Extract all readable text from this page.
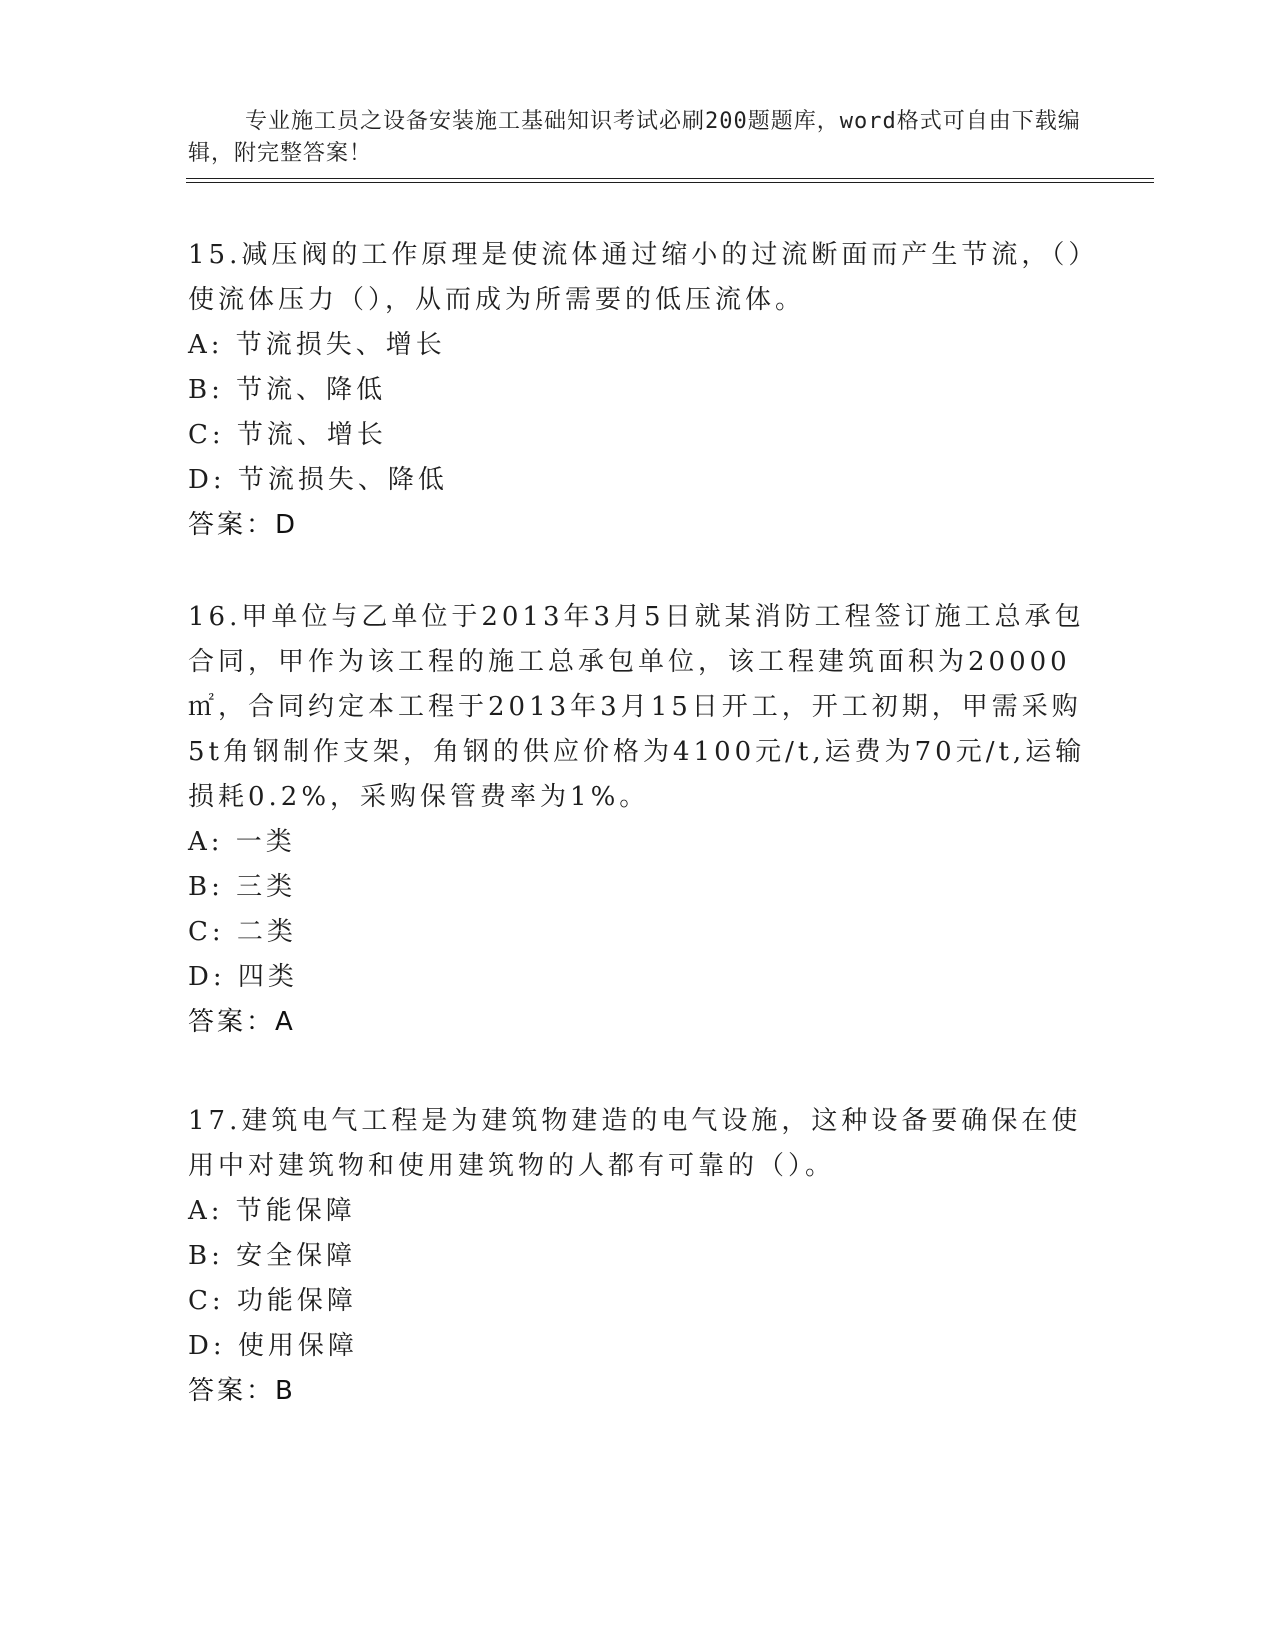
专业施工员之设备安装施工基础知识考试必刷200题题库，word格式可自由下载编辑，附完整答案！

15.减压阀的工作原理是使流体通过缩小的过流断面而产生节流，（）使流体压力（），从而成为所需要的低压流体。

A: 节流损失、增长
B: 节流、降低
C: 节流、增长
D: 节流损失、降低
答案：D

16.甲单位与乙单位于2013年3月5日就某消防工程签订施工总承包合同，甲作为该工程的施工总承包单位，该工程建筑面积为20000㎡，合同约定本工程于2013年3月15日开工，开工初期，甲需采购5t角钢制作支架，角钢的供应价格为4100元/t,运费为70元/t,运输损耗0.2%，采购保管费率为1%。

A: 一类
B: 三类
C: 二类
D: 四类
答案：A

17.建筑电气工程是为建筑物建造的电气设施，这种设备要确保在使用中对建筑物和使用建筑物的人都有可靠的（）。

A: 节能保障
B: 安全保障
C: 功能保障
D: 使用保障
答案：B
